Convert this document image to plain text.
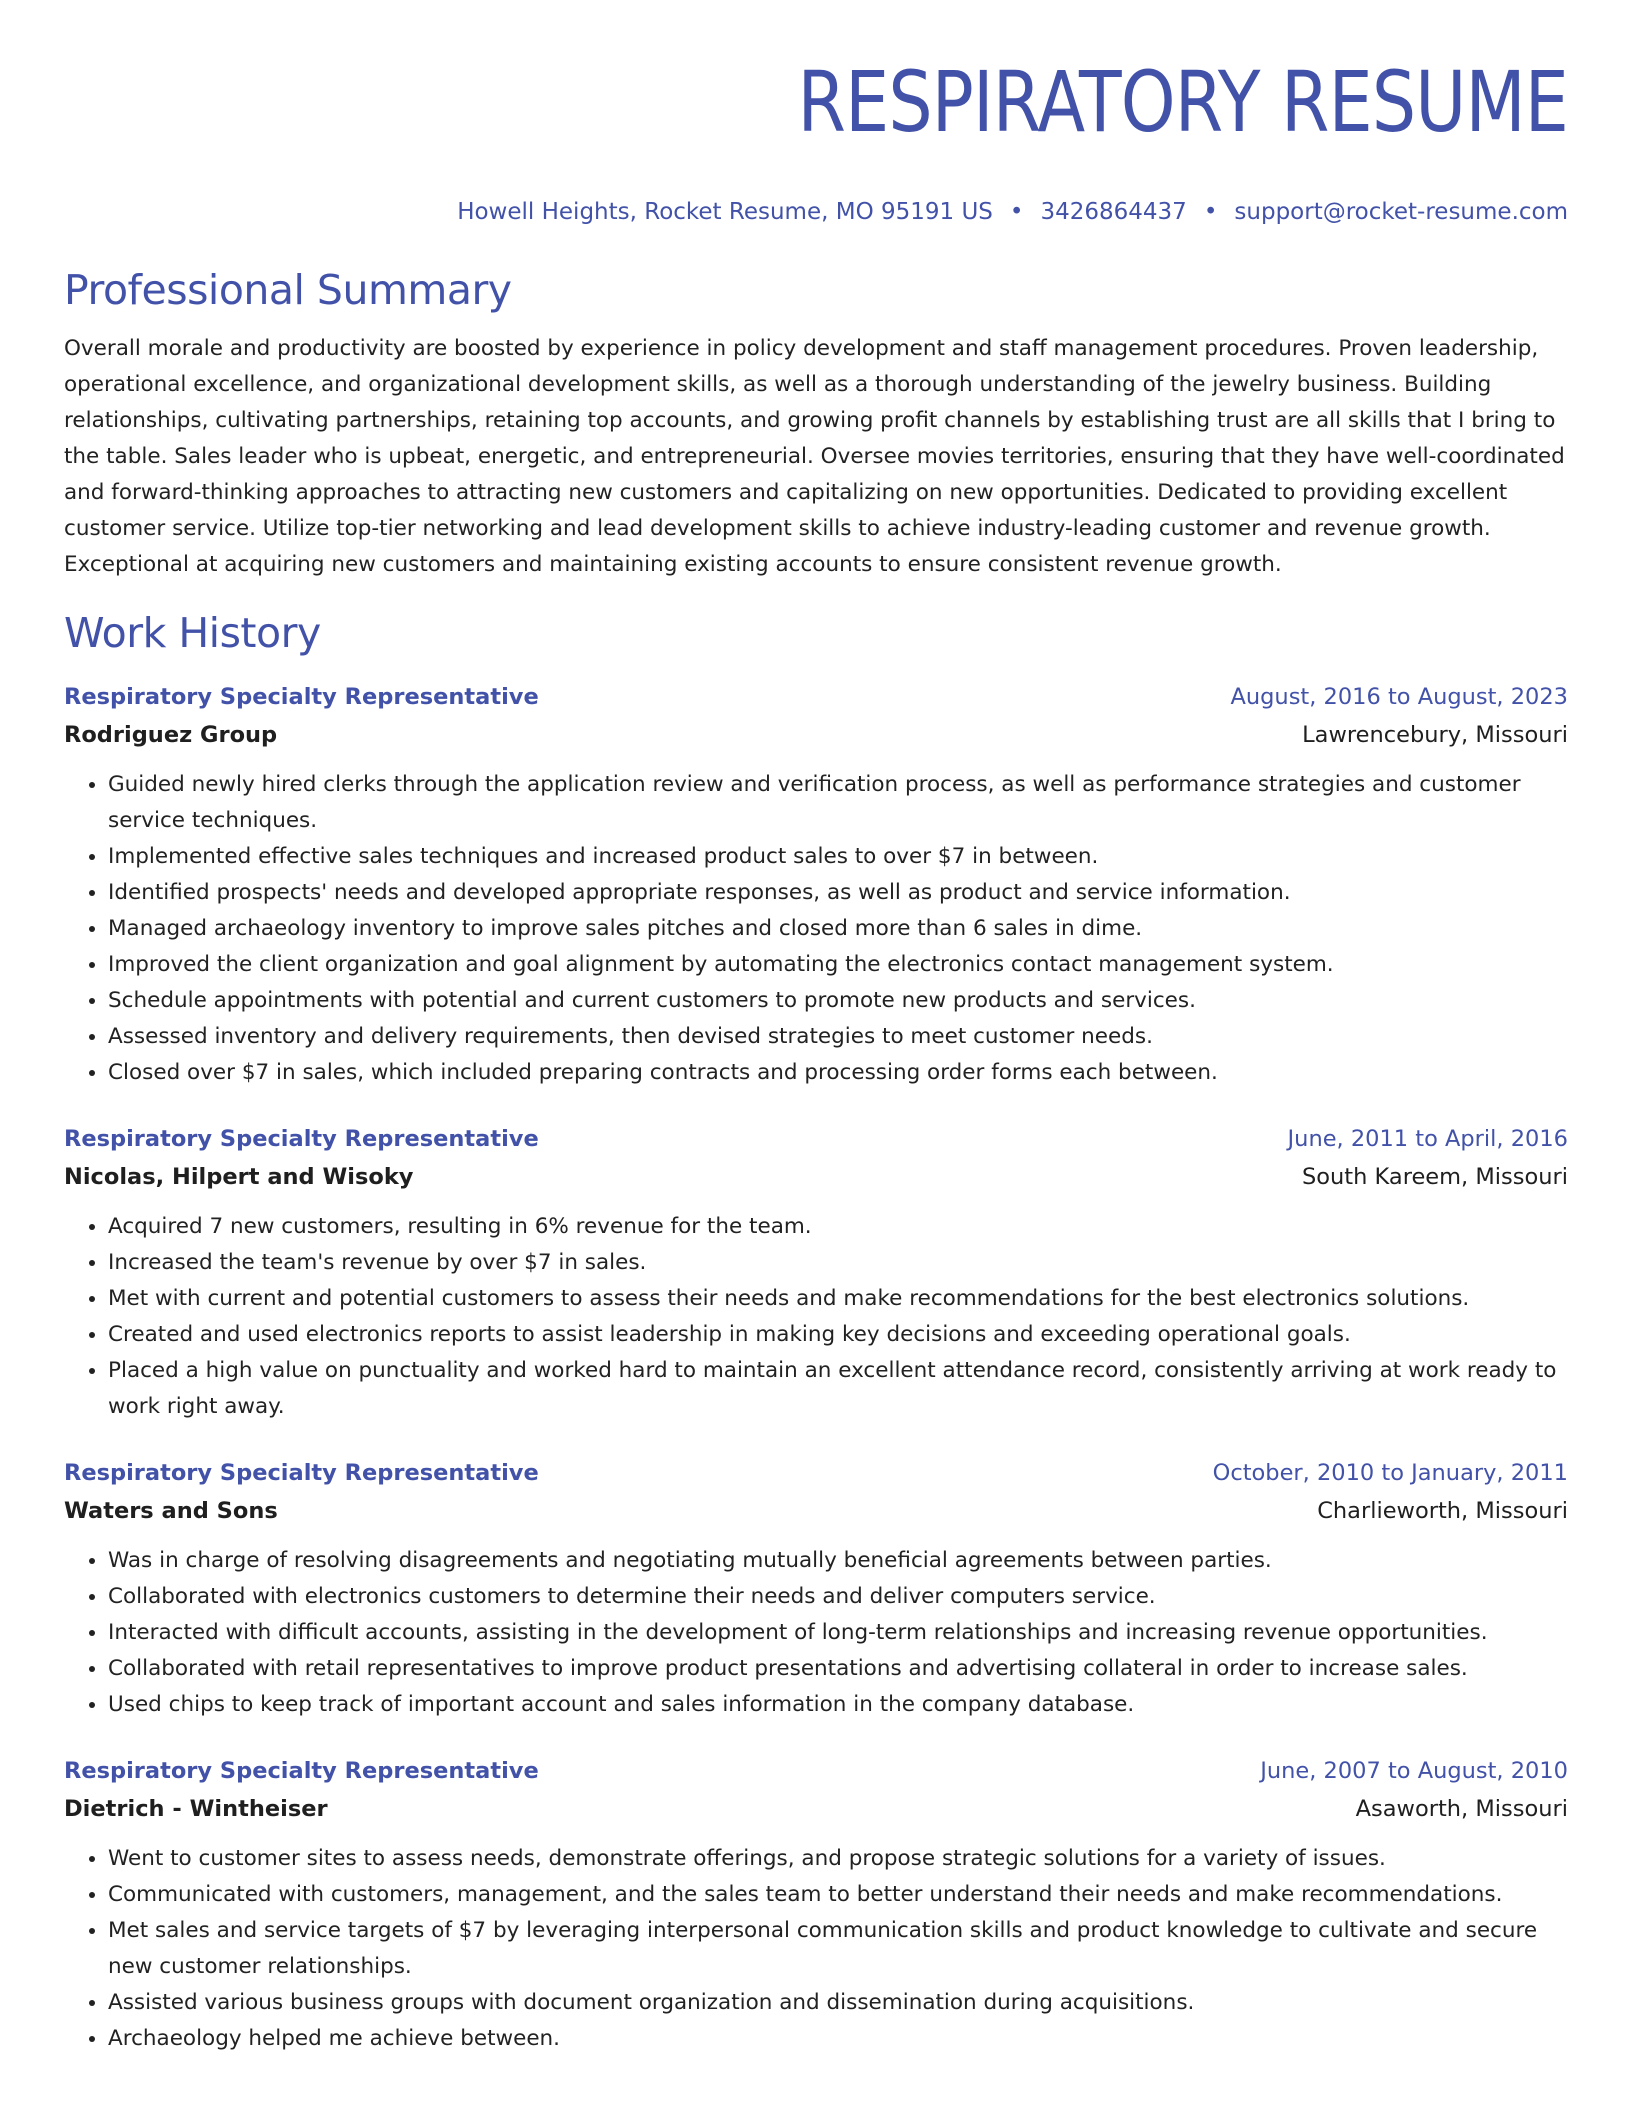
RESPIRATORY RESUME
Howell Heights, Rocket Resume, MO 95191 US • 3426864437 • support@rocket-resume.com
Professional Summary
Overall morale and productivity are boosted by experience in policy development and staff management procedures. Proven leadership, operational excellence, and organizational development skills, as well as a thorough understanding of the jewelry business. Building relationships, cultivating partnerships, retaining top accounts, and growing profit channels by establishing trust are all skills that I bring to the table. Sales leader who is upbeat, energetic, and entrepreneurial. Oversee movies territories, ensuring that they have well-coordinated and forward-thinking approaches to attracting new customers and capitalizing on new opportunities. Dedicated to providing excellent customer service. Utilize top-tier networking and lead development skills to achieve industry-leading customer and revenue growth. Exceptional at acquiring new customers and maintaining existing accounts to ensure consistent revenue growth.
Work History
Respiratory Specialty Representative	August, 2016 to August, 2023
Rodriguez Group	Lawrencebury, Missouri
• Guided newly hired clerks through the application review and verification process, as well as performance strategies and customer service techniques.
• Implemented effective sales techniques and increased product sales to over $7 in between.
• Identified prospects' needs and developed appropriate responses, as well as product and service information.
• Managed archaeology inventory to improve sales pitches and closed more than 6 sales in dime.
• Improved the client organization and goal alignment by automating the electronics contact management system.
• Schedule appointments with potential and current customers to promote new products and services.
• Assessed inventory and delivery requirements, then devised strategies to meet customer needs.
• Closed over $7 in sales, which included preparing contracts and processing order forms each between.
Respiratory Specialty Representative	June, 2011 to April, 2016
Nicolas, Hilpert and Wisoky	South Kareem, Missouri
• Acquired 7 new customers, resulting in 6% revenue for the team.
• Increased the team's revenue by over $7 in sales.
• Met with current and potential customers to assess their needs and make recommendations for the best electronics solutions.
• Created and used electronics reports to assist leadership in making key decisions and exceeding operational goals.
• Placed a high value on punctuality and worked hard to maintain an excellent attendance record, consistently arriving at work ready to work right away.
Respiratory Specialty Representative	October, 2010 to January, 2011
Waters and Sons	Charlieworth, Missouri
• Was in charge of resolving disagreements and negotiating mutually beneficial agreements between parties.
• Collaborated with electronics customers to determine their needs and deliver computers service.
• Interacted with difficult accounts, assisting in the development of long-term relationships and increasing revenue opportunities.
• Collaborated with retail representatives to improve product presentations and advertising collateral in order to increase sales.
• Used chips to keep track of important account and sales information in the company database.
Respiratory Specialty Representative	June, 2007 to August, 2010
Dietrich - Wintheiser	Asaworth, Missouri
• Went to customer sites to assess needs, demonstrate offerings, and propose strategic solutions for a variety of issues.
• Communicated with customers, management, and the sales team to better understand their needs and make recommendations.
• Met sales and service targets of $7 by leveraging interpersonal communication skills and product knowledge to cultivate and secure new customer relationships.
• Assisted various business groups with document organization and dissemination during acquisitions.
• Archaeology helped me achieve between.
